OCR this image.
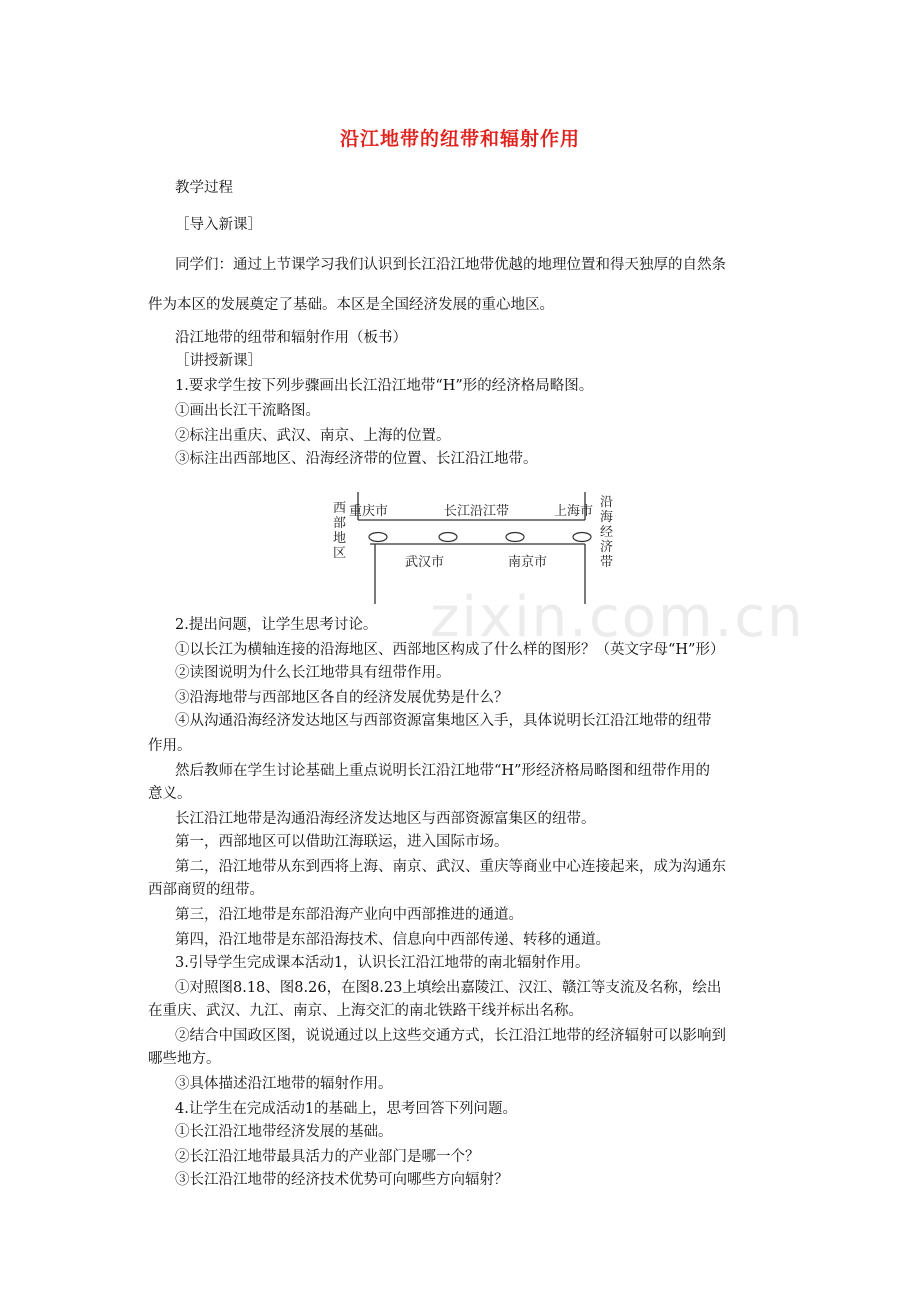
沿江地带的纽带和辐射作用
教学过程
［导入新课］
同学们：通过上节课学习我们认识到长江沿江地带优越的地理位置和得天独厚的自然条
件为本区的发展奠定了基础。本区是全国经济发展的重心地区。
沿江地带的纽带和辐射作用（板书）
［讲授新课］
1.要求学生按下列步骤画出长江沿江地带“H”形的经济格局略图。
①画出长江干流略图。
②标注出重庆、武汉、南京、上海的位置。
③标注出西部地区、沿海经济带的位置、长江沿江地带。
重庆市	长江沿江带	上海市
武汉市	南京市
西部地区
沿海经济带
zixin.com.cn
2.提出问题，让学生思考讨论。
①以长江为横轴连接的沿海地区、西部地区构成了什么样的图形？（英文字母“H”形）
②读图说明为什么长江地带具有纽带作用。
③沿海地带与西部地区各自的经济发展优势是什么？
④从沟通沿海经济发达地区与西部资源富集地区入手，具体说明长江沿江地带的纽带
作用。
然后教师在学生讨论基础上重点说明长江沿江地带“H”形经济格局略图和纽带作用的
意义。
长江沿江地带是沟通沿海经济发达地区与西部资源富集区的纽带。
第一，西部地区可以借助江海联运，进入国际市场。
第二，沿江地带从东到西将上海、南京、武汉、重庆等商业中心连接起来，成为沟通东
西部商贸的纽带。
第三，沿江地带是东部沿海产业向中西部推进的通道。
第四，沿江地带是东部沿海技术、信息向中西部传递、转移的通道。
3.引导学生完成课本活动1，认识长江沿江地带的南北辐射作用。
①对照图8.18、图8.26，在图8.23上填绘出嘉陵江、汉江、赣江等支流及名称，绘出
在重庆、武汉、九江、南京、上海交汇的南北铁路干线并标出名称。
②结合中国政区图，说说通过以上这些交通方式，长江沿江地带的经济辐射可以影响到
哪些地方。
③具体描述沿江地带的辐射作用。
4.让学生在完成活动1的基础上，思考回答下列问题。
①长江沿江地带经济发展的基础。
②长江沿江地带最具活力的产业部门是哪一个？
③长江沿江地带的经济技术优势可向哪些方向辐射？
